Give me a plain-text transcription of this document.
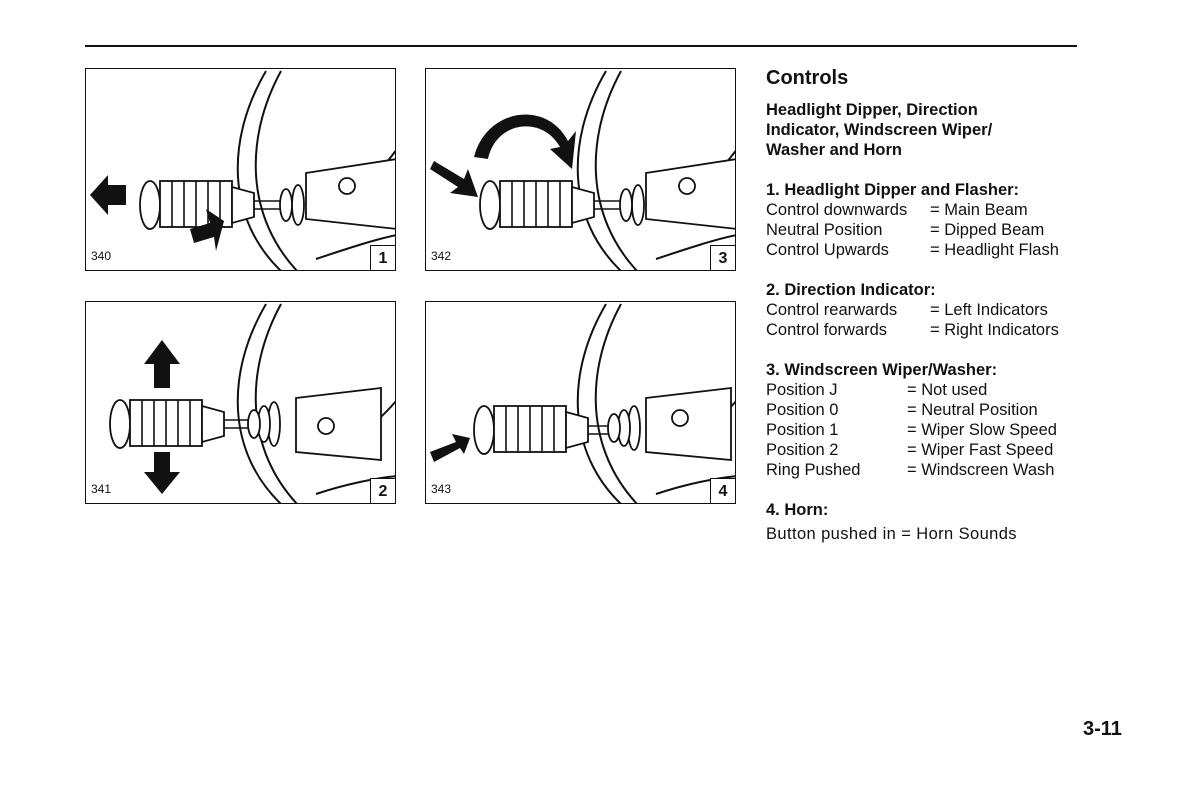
340	1	342	3
341	2	343	4
Controls
Headlight Dipper, Direction
Indicator, Windscreen Wiper/
Washer and Horn
1. Headlight Dipper and Flasher:
Control downwards	= Main Beam
Neutral Position	= Dipped Beam
Control Upwards	= Headlight Flash
2. Direction Indicator:
Control rearwards	= Left Indicators
Control forwards	= Right Indicators
3. Windscreen Wiper/Washer:
Position J	= Not used
Position 0	= Neutral Position
Position 1	= Wiper Slow Speed
Position 2	= Wiper Fast Speed
Ring Pushed	= Windscreen Wash
4. Horn:
Button pushed in = Horn Sounds
3-11
